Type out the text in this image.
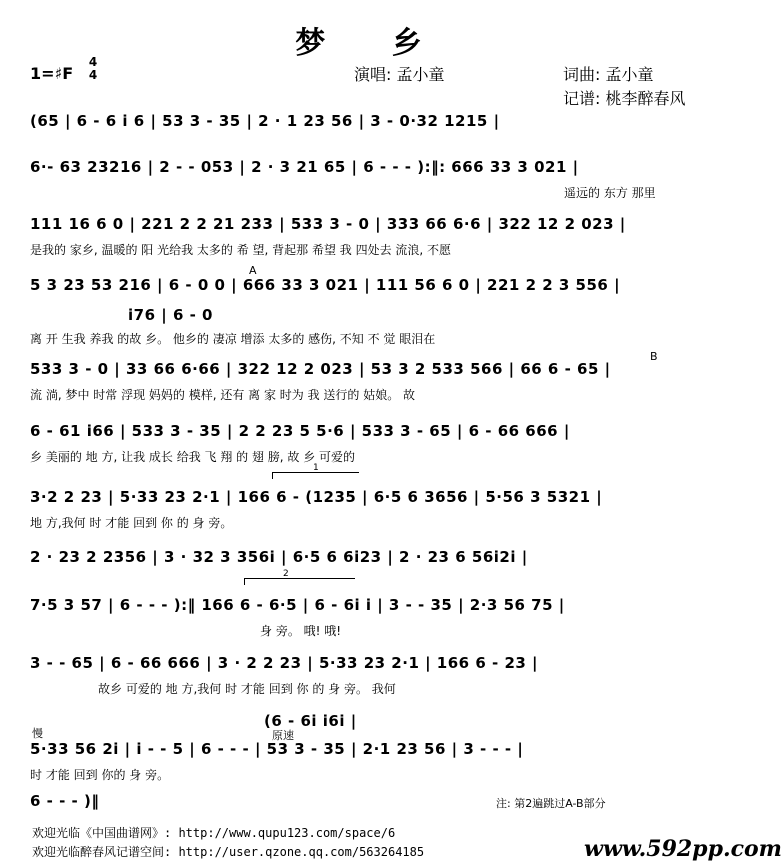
梦 乡
1=♯F
4
4	演唱: 孟小童	词曲: 孟小童
记谱: 桃李醉春风
(65 | 6 - 6 i 6 | 53 3 - 35 | 2 · 1 23 56 | 3 - 0·32 1215 |
6·- 63 23216 | 2 - - 053 | 2 · 3 21 65 | 6 - - - ):‖: 666 33 3 021 |
遥远的 东方 那里
111 16 6 0 | 221 2 2 21 233 | 533 3 - 0 | 333 66 6·6 | 322 12 2 023 |
是我的 家乡, 温暖的 阳 光给我 太多的 希 望, 背起那 希望 我 四处去 流浪, 不愿
A
5 3 23 53 216 | 6 - 0 0 | 666 33 3 021 | 111 56 6 0 | 221 2 2 3 556 |
i76 | 6 - 0
离 开 生我 养我 的故 乡。 他乡的 凄凉 增添 太多的 感伤, 不知 不 觉 眼泪在
B
533 3 - 0 | 33 66 6·66 | 322 12 2 023 | 53 3 2 533 566 | 66 6 - 65 |
流 淌, 梦中 时常 浮现 妈妈的 模样, 还有 离 家 时为 我 送行的 姑娘。 故
6 - 61 i66 | 533 3 - 35 | 2 2 23 5 5·6 | 533 3 - 65 | 6 - 66 666 |
乡 美丽的 地 方, 让我 成长 给我 飞 翔 的 翅 膀, 故 乡 可爱的
1
3·2 2 23 | 5·33 23 2·1 | 166 6 - (1235 | 6·5 6 3656 | 5·56 3 5321 |
地 方,我何 时 才能 回到 你 的 身 旁。
2 · 23 2 2356 | 3 · 32 3 356i | 6·5 6 6i23 | 2 · 23 6 56i2i |
2
7·5 3 57 | 6 - - - ):‖ 166 6 - 6·5 | 6 - 6i i | 3 - - 35 | 2·3 56 75 |
身 旁。 哦! 哦!
3 - - 65 | 6 - 66 666 | 3 · 2 2 23 | 5·33 23 2·1 | 166 6 - 23 |
故乡 可爱的 地 方,我何 时 才能 回到 你 的 身 旁。 我何
(6 - 6i i6i |
慢	原速
5·33 56 2i | i - - 5 | 6 - - - | 53 3 - 35 | 2·1 23 56 | 3 - - - |
时 才能 回到 你的 身 旁。
6 - - - )‖	注: 第2遍跳过A-B部分
欢迎光临《中国曲谱网》: http://www.qupu123.com/space/6
欢迎光临醉春风记谱空间: http://user.qzone.qq.com/563264185	www.592pp.com
